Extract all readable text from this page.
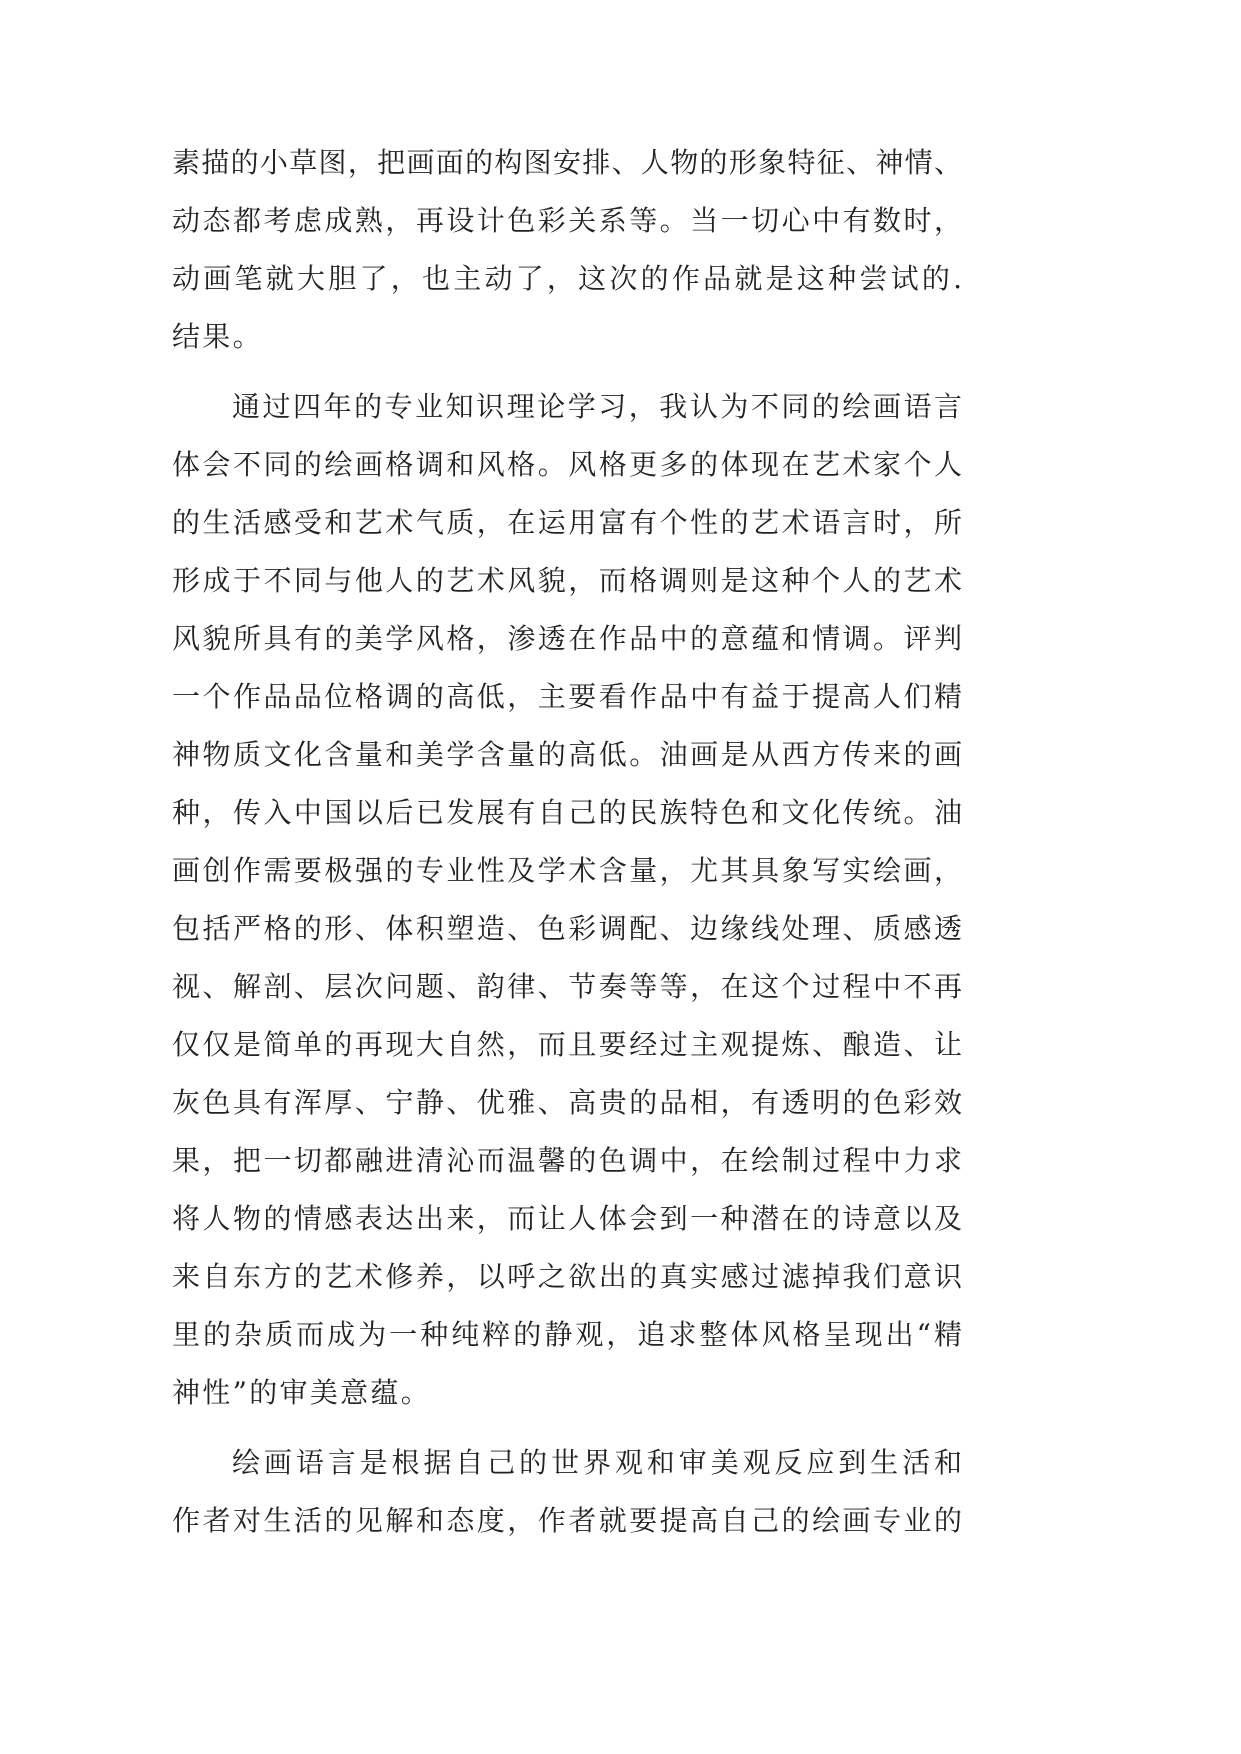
素描的小草图，把画面的构图安排、人物的形象特征、神情、
动态都考虑成熟，再设计色彩关系等。当一切心中有数时，
动画笔就大胆了，也主动了，这次的作品就是这种尝试的.
结果。
通过四年的专业知识理论学习，我认为不同的绘画语言
体会不同的绘画格调和风格。风格更多的体现在艺术家个人
的生活感受和艺术气质，在运用富有个性的艺术语言时，所
形成于不同与他人的艺术风貌，而格调则是这种个人的艺术
风貌所具有的美学风格，渗透在作品中的意蕴和情调。评判
一个作品品位格调的高低，主要看作品中有益于提高人们精
神物质文化含量和美学含量的高低。油画是从西方传来的画
种，传入中国以后已发展有自己的民族特色和文化传统。油
画创作需要极强的专业性及学术含量，尤其具象写实绘画，
包括严格的形、体积塑造、色彩调配、边缘线处理、质感透
视、解剖、层次问题、韵律、节奏等等，在这个过程中不再
仅仅是简单的再现大自然，而且要经过主观提炼、酿造、让
灰色具有浑厚、宁静、优雅、高贵的品相，有透明的色彩效
果，把一切都融进清沁而温馨的色调中，在绘制过程中力求
将人物的情感表达出来，而让人体会到一种潜在的诗意以及
来自东方的艺术修养，以呼之欲出的真实感过滤掉我们意识
里的杂质而成为一种纯粹的静观，追求整体风格呈现出“精
神性”的审美意蕴。
绘画语言是根据自己的世界观和审美观反应到生活和
作者对生活的见解和态度，作者就要提高自己的绘画专业的
